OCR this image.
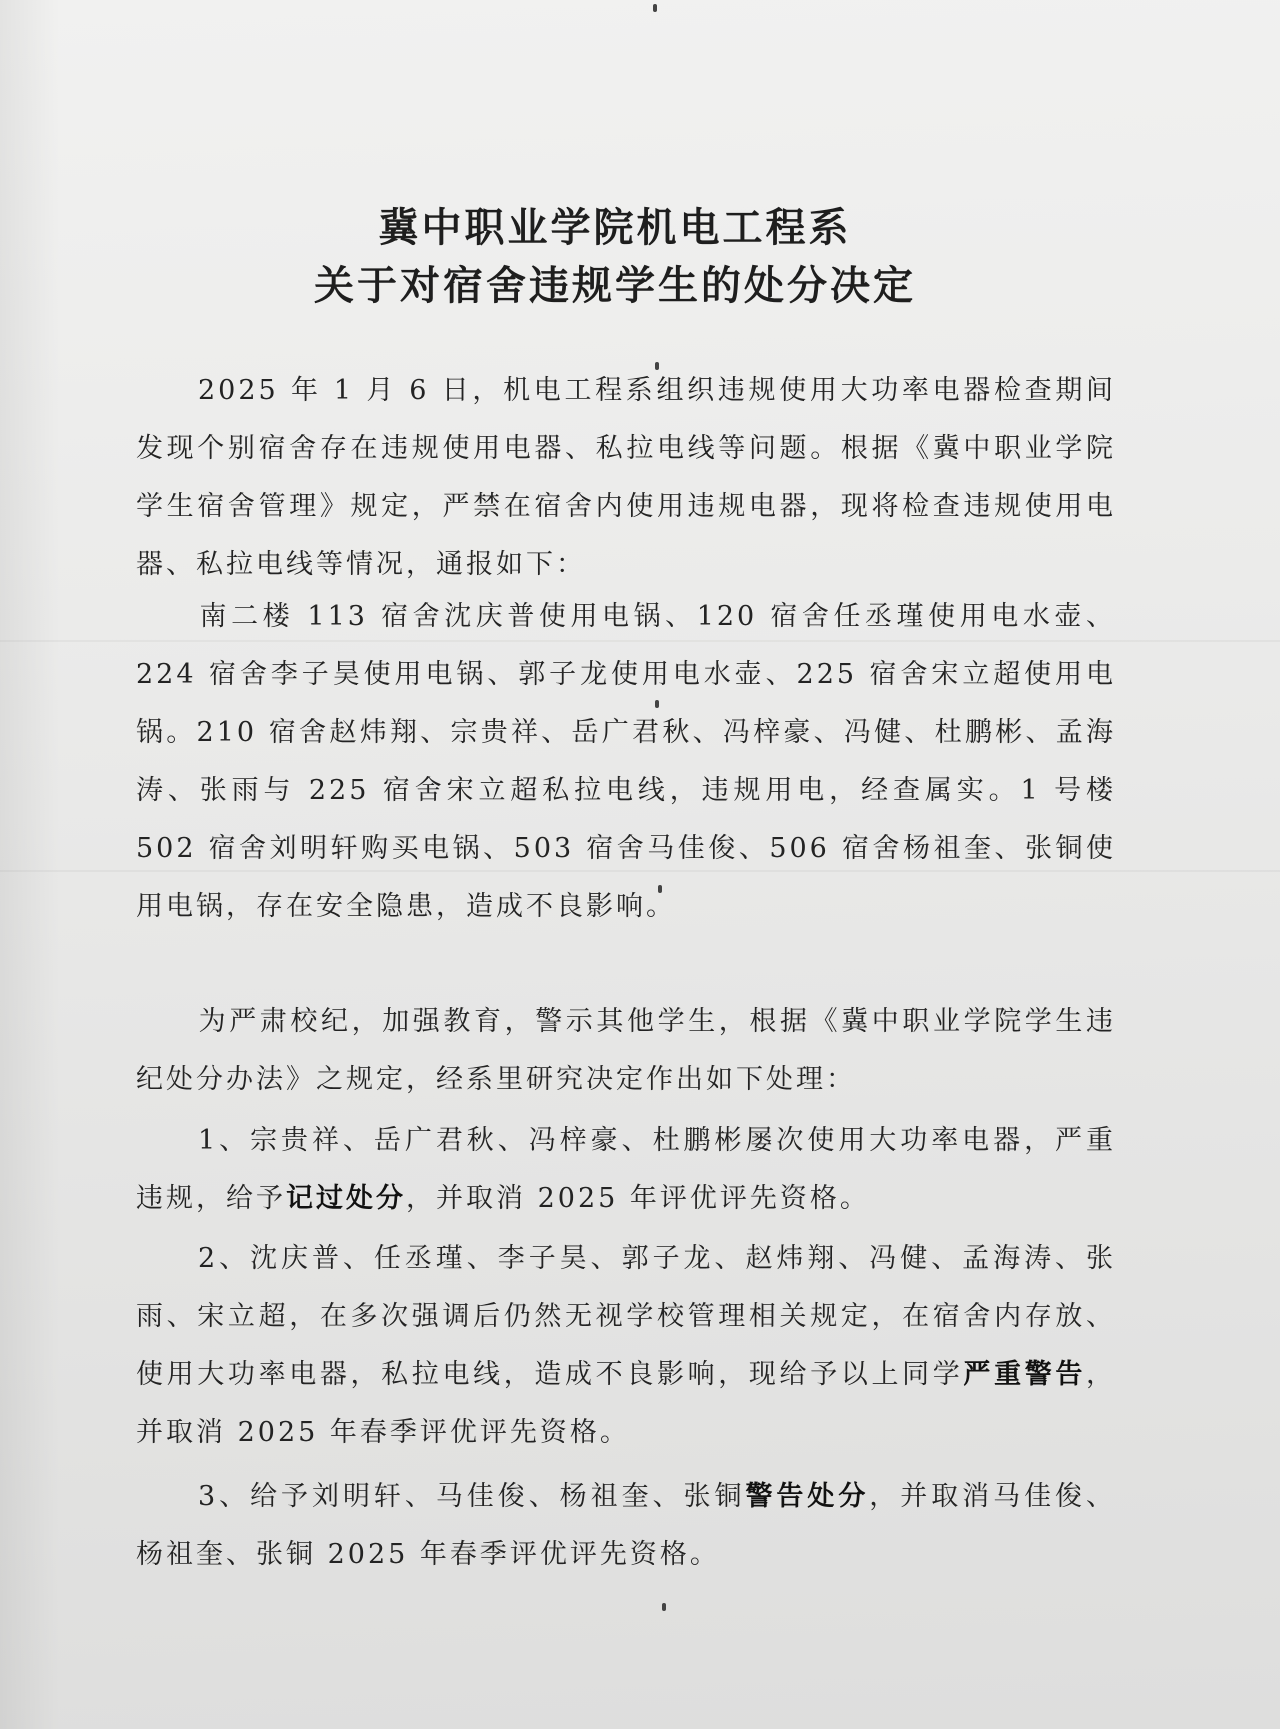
冀中职业学院机电工程系
关于对宿舍违规学生的处分决定

2025 年 1 月 6 日，机电工程系组织违规使用大功率电器检查期间发现个别宿舍存在违规使用电器、私拉电线等问题。根据《冀中职业学院学生宿舍管理》规定，严禁在宿舍内使用违规电器，现将检查违规使用电器、私拉电线等情况，通报如下：

南二楼 113 宿舍沈庆普使用电锅、120 宿舍任丞瑾使用电水壶、224 宿舍李子昊使用电锅、郭子龙使用电水壶、225 宿舍宋立超使用电锅。210 宿舍赵炜翔、宗贵祥、岳广君秋、冯梓豪、冯健、杜鹏彬、孟海涛、张雨与 225 宿舍宋立超私拉电线，违规用电，经查属实。1 号楼 502 宿舍刘明轩购买电锅、503 宿舍马佳俊、506 宿舍杨祖奎、张铜使用电锅，存在安全隐患，造成不良影响。

为严肃校纪，加强教育，警示其他学生，根据《冀中职业学院学生违纪处分办法》之规定，经系里研究决定作出如下处理：

1、宗贵祥、岳广君秋、冯梓豪、杜鹏彬屡次使用大功率电器，严重违规，给予记过处分，并取消 2025 年评优评先资格。

2、沈庆普、任丞瑾、李子昊、郭子龙、赵炜翔、冯健、孟海涛、张雨、宋立超，在多次强调后仍然无视学校管理相关规定，在宿舍内存放、使用大功率电器，私拉电线，造成不良影响，现给予以上同学严重警告，并取消 2025 年春季评优评先资格。

3、给予刘明轩、马佳俊、杨祖奎、张铜警告处分，并取消马佳俊、杨祖奎、张铜 2025 年春季评优评先资格。
